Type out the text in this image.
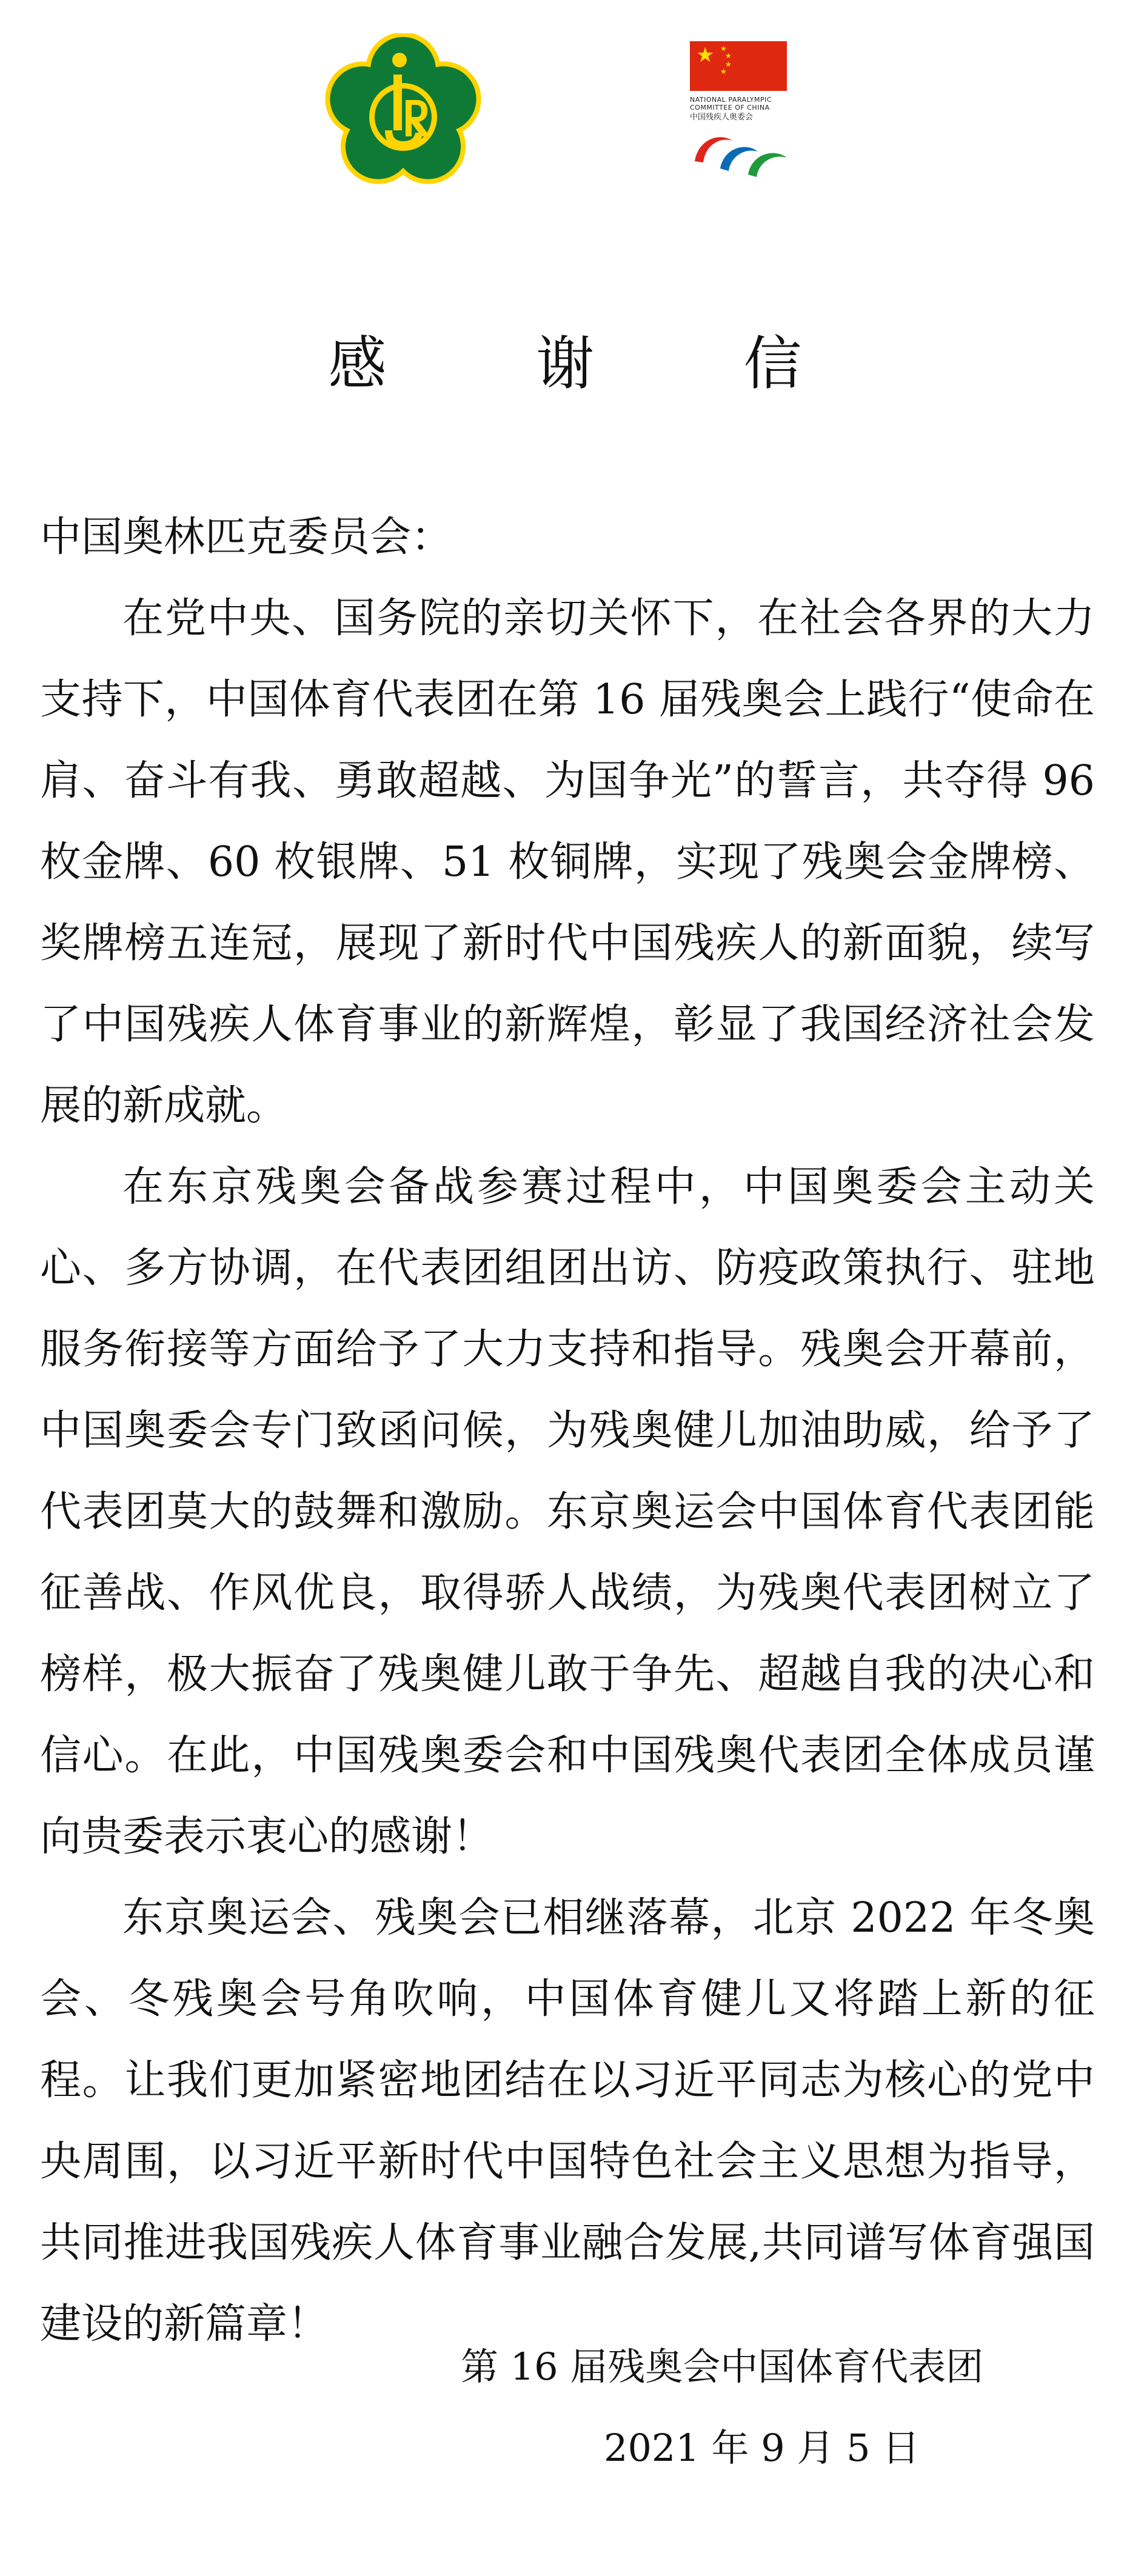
★ ★
★
★
★
NATIONAL PARALYMPIC COMMITTEE OF CHINA
中国残疾人奥委会
感 谢 信

中国奥林匹克委员会：

在党中央、国务院的亲切关怀下，在社会各界的大力支持下，中国体育代表团在第 16 届残奥会上践行“使命在肩、奋斗有我、勇敢超越、为国争光”的誓言，共夺得 96 枚金牌、60 枚银牌、51 枚铜牌，实现了残奥会金牌榜、奖牌榜五连冠，展现了新时代中国残疾人的新面貌，续写了中国残疾人体育事业的新辉煌，彰显了我国经济社会发展的新成就。

在东京残奥会备战参赛过程中，中国奥委会主动关心、多方协调，在代表团组团出访、防疫政策执行、驻地服务衔接等方面给予了大力支持和指导。残奥会开幕前，中国奥委会专门致函问候，为残奥健儿加油助威，给予了代表团莫大的鼓舞和激励。东京奥运会中国体育代表团能征善战、作风优良，取得骄人战绩，为残奥代表团树立了榜样，极大振奋了残奥健儿敢于争先、超越自我的决心和信心。在此，中国残奥委会和中国残奥代表团全体成员谨向贵委表示衷心的感谢！

东京奥运会、残奥会已相继落幕，北京 2022 年冬奥会、冬残奥会号角吹响，中国体育健儿又将踏上新的征程。让我们更加紧密地团结在以习近平同志为核心的党中央周围，以习近平新时代中国特色社会主义思想为指导，共同推进我国残疾人体育事业融合发展,共同谱写体育强国建设的新篇章！

第 16 届残奥会中国体育代表团
2021 年 9 月 5 日
